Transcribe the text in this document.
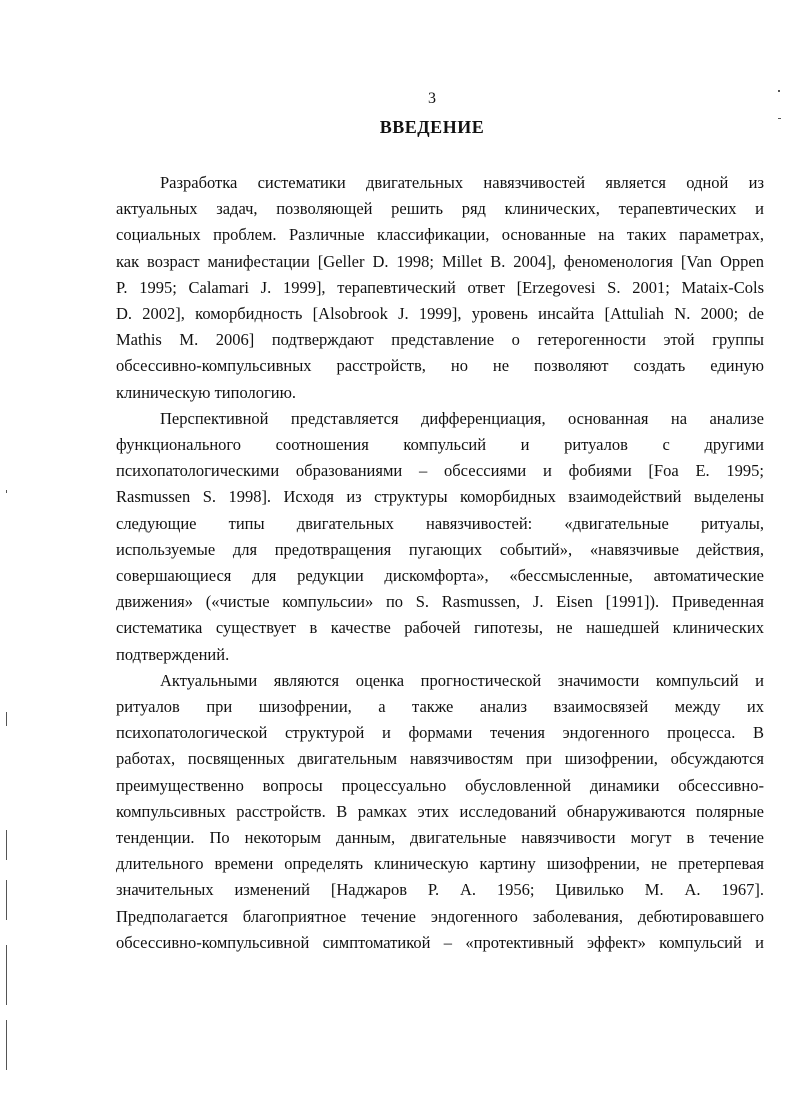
3
ВВЕДЕНИЕ
Разработка систематики двигательных навязчивостей является одной из
актуальных задач, позволяющей решить ряд клинических, терапевтических и
социальных проблем. Различные классификации, основанные на таких параметрах,
как возраст манифестации [Geller D. 1998; Millet B. 2004], феноменология [Van Oppen
P. 1995; Calamari J. 1999], терапевтический ответ [Erzegovesi S. 2001; Mataix-Cols
D. 2002], коморбидность [Alsobrook J. 1999], уровень инсайта [Attuliah N. 2000; de
Mathis M. 2006] подтверждают представление о гетерогенности этой группы
обсессивно-компульсивных расстройств, но не позволяют создать единую
клиническую типологию.
Перспективной представляется дифференциация, основанная на анализе
функционального соотношения компульсий и ритуалов с другими
психопатологическими образованиями – обсессиями и фобиями [Foa E. 1995;
Rasmussen S. 1998]. Исходя из структуры коморбидных взаимодействий выделены
следующие типы двигательных навязчивостей: «двигательные ритуалы,
используемые для предотвращения пугающих событий», «навязчивые действия,
совершающиеся для редукции дискомфорта», «бессмысленные, автоматические
движения» («чистые компульсии» по S. Rasmussen, J. Eisen [1991]). Приведенная
систематика существует в качестве рабочей гипотезы, не нашедшей клинических
подтверждений.
Актуальными являются оценка прогностической значимости компульсий и
ритуалов при шизофрении, а также анализ взаимосвязей между их
психопатологической структурой и формами течения эндогенного процесса. В
работах, посвященных двигательным навязчивостям при шизофрении, обсуждаются
преимущественно вопросы процессуально обусловленной динамики обсессивно-
компульсивных расстройств. В рамках этих исследований обнаруживаются полярные
тенденции. По некоторым данным, двигательные навязчивости могут в течение
длительного времени определять клиническую картину шизофрении, не претерпевая
значительных изменений [Наджаров Р. А. 1956; Цивилько М. А. 1967].
Предполагается благоприятное течение эндогенного заболевания, дебютировавшего
обсессивно-компульсивной симптоматикой – «протективный эффект» компульсий и
